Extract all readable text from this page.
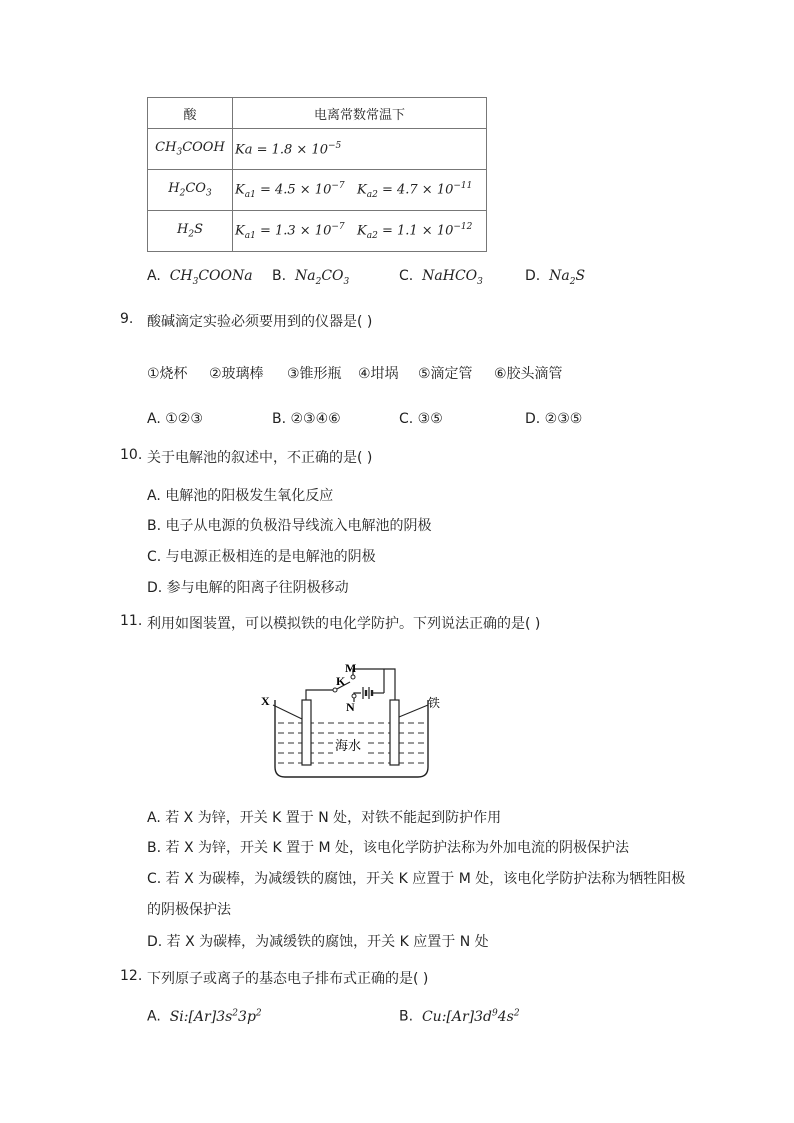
酸	电离常数常温下
$CH_3COOH$	$Ka = 1.8 \times 10^{-5}$
$H_2CO_3$	$K_{a1} = 4.5 \times 10^{-7}$ $K_{a2} = 4.7 \times 10^{-11}$
$H_2S$	$K_{a1} = 1.3 \times 10^{-7}$ $K_{a2} = 1.1 \times 10^{-12}$
A. $CH_3COONa$ B. $Na_2CO_3$	C. NaHCO$_3$	D. $Na_2S$
9. 酸碱滴定实验必须要用到的仪器是( )
①烧杯 ②玻璃棒 ③锥形瓶 ④坩埚 ⑤滴定管 ⑥胶头滴管
A. ①②③	B. ②③④⑥	C. ③⑤	D. ②③⑤
10. 关于电解池的叙述中，不正确的是( )
A. 电解池的阳极发生氧化反应
B. 电子从电源的负极沿导线流入电解池的阴极
C. 与电源正极相连的是电解池的阴极
D. 参与电解的阳离子往阴极移动
11. 利用如图装置，可以模拟铁的电化学防护。下列说法正确的是( )
M
K
N
X	铁
海水
A. 若 X 为锌，开关 K 置于 N 处，对铁不能起到防护作用
B. 若 X 为锌，开关 K 置于 M 处，该电化学防护法称为外加电流的阴极保护法
C. 若 X 为碳棒，为减缓铁的腐蚀，开关 K 应置于 M 处，该电化学防护法称为牺牲阳极
的阴极保护法
D. 若 X 为碳棒，为减缓铁的腐蚀，开关 K 应置于 N 处
12. 下列原子或离子的基态电子排布式正确的是( )
A. $Si:[Ar]3s^23p^2$	B. $Cu:[Ar]3d^94s^2$
